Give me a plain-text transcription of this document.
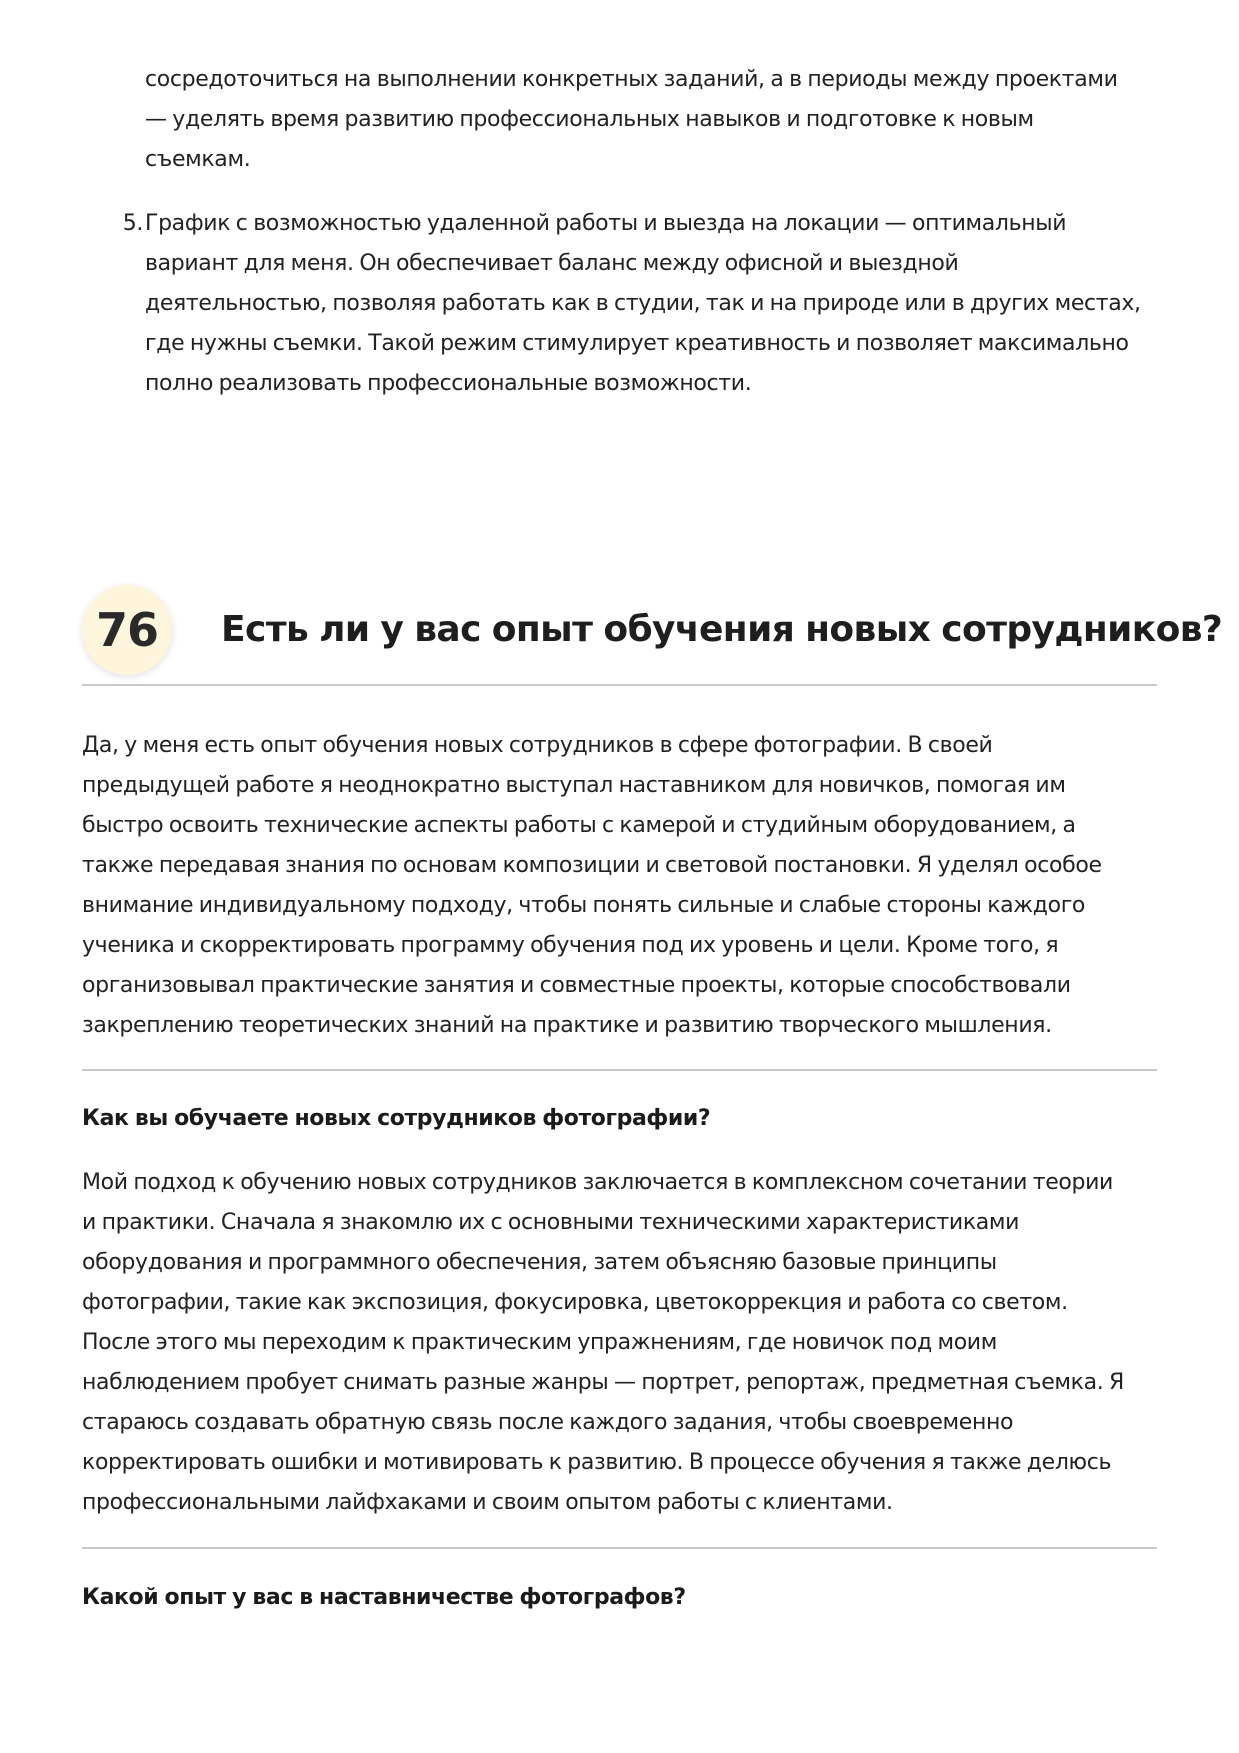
сосредоточиться на выполнении конкретных заданий, а в периоды между проектами

— уделять время развитию профессиональных навыков и подготовке к новым

съемкам.

5. График с возможностью удаленной работы и выезда на локации — оптимальный

вариант для меня. Он обеспечивает баланс между офисной и выездной

деятельностью, позволяя работать как в студии, так и на природе или в других местах,

где нужны съемки. Такой режим стимулирует креативность и позволяет максимально

полно реализовать профессиональные возможности.

76	Есть ли у вас опыт обучения новых сотрудников?

Да, у меня есть опыт обучения новых сотрудников в сфере фотографии. В своей

предыдущей работе я неоднократно выступал наставником для новичков, помогая им

быстро освоить технические аспекты работы с камерой и студийным оборудованием, а

также передавая знания по основам композиции и световой постановки. Я уделял особое

внимание индивидуальному подходу, чтобы понять сильные и слабые стороны каждого

ученика и скорректировать программу обучения под их уровень и цели. Кроме того, я

организовывал практические занятия и совместные проекты, которые способствовали

закреплению теоретических знаний на практике и развитию творческого мышления.

Как вы обучаете новых сотрудников фотографии?

Мой подход к обучению новых сотрудников заключается в комплексном сочетании теории

и практики. Сначала я знакомлю их с основными техническими характеристиками

оборудования и программного обеспечения, затем объясняю базовые принципы

фотографии, такие как экспозиция, фокусировка, цветокоррекция и работа со светом.

После этого мы переходим к практическим упражнениям, где новичок под моим

наблюдением пробует снимать разные жанры — портрет, репортаж, предметная съемка. Я

стараюсь создавать обратную связь после каждого задания, чтобы своевременно

корректировать ошибки и мотивировать к развитию. В процессе обучения я также делюсь

профессиональными лайфхаками и своим опытом работы с клиентами.

Какой опыт у вас в наставничестве фотографов?
